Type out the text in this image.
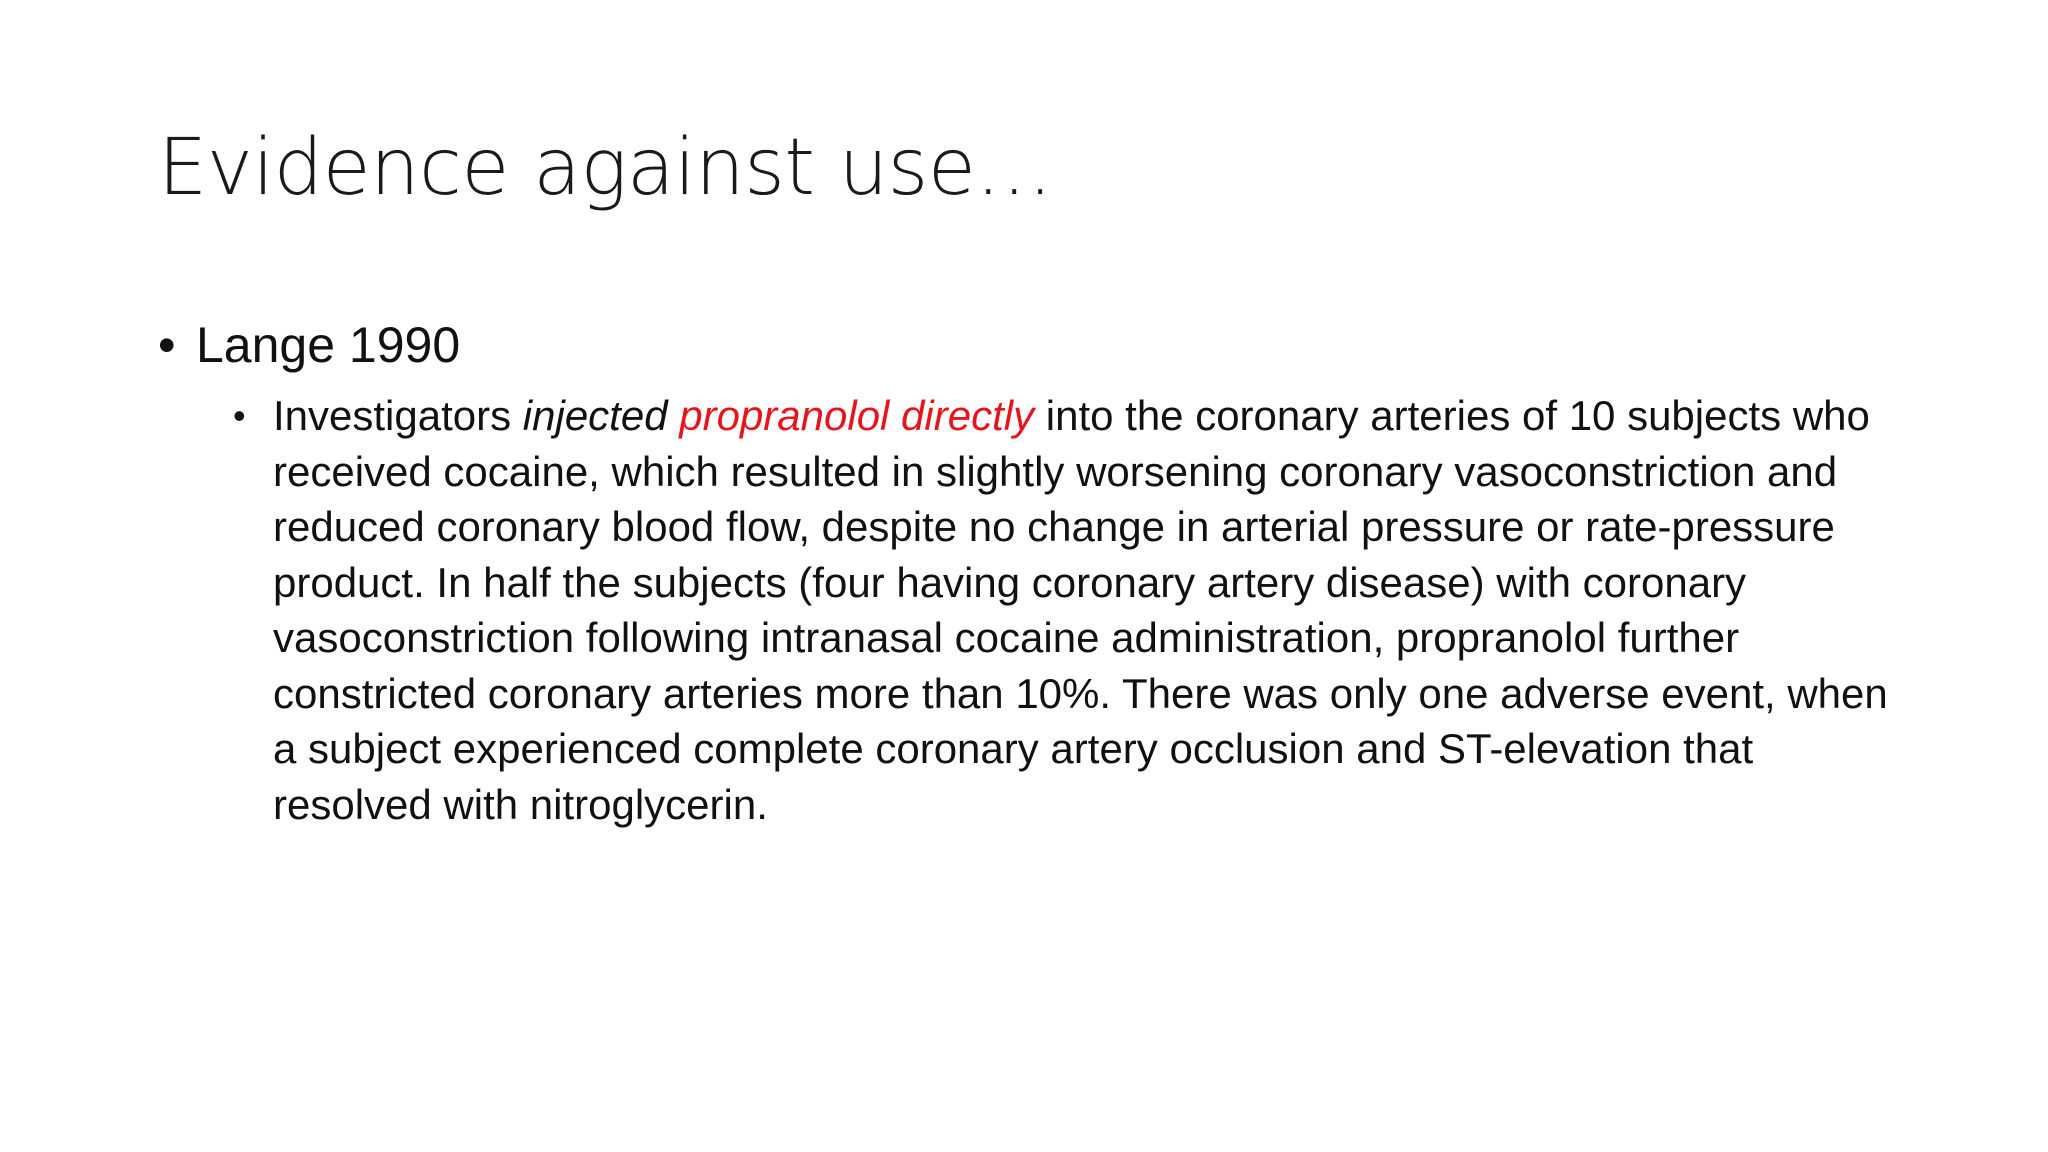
Evidence against use…
• Lange 1990
• Investigators injected propranolol directly into the coronary arteries of 10 subjects who received cocaine, which resulted in slightly worsening coronary vasoconstriction and reduced coronary blood flow, despite no change in arterial pressure or rate-pressure product. In half the subjects (four having coronary artery disease) with coronary vasoconstriction following intranasal cocaine administration, propranolol further constricted coronary arteries more than 10%. There was only one adverse event, when a subject experienced complete coronary artery occlusion and ST-elevation that resolved with nitroglycerin.
